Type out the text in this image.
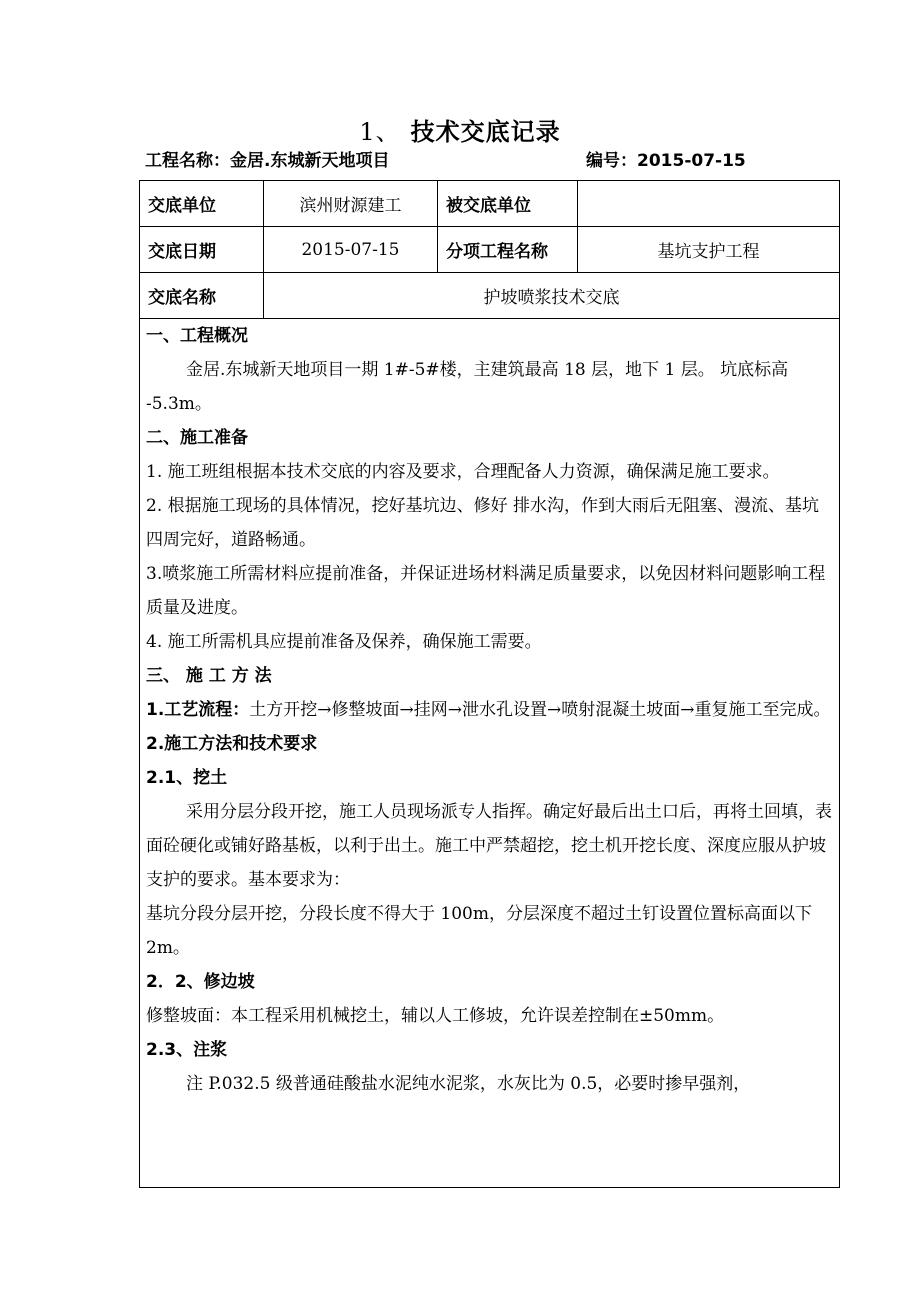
1、 技术交底记录
工程名称：金居.东城新天地项目	编号：2015-07-15
交底单位	滨州财源建工	被交底单位
交底日期	2015-07-15	分项工程名称	基坑支护工程
交底名称	护坡喷浆技术交底

一、工程概况

金居.东城新天地项目一期 1#-5#楼，主建筑最高 18 层，地下 1 层。 坑底标高 -5.3m。

二、施工准备

1. 施工班组根据本技术交底的内容及要求，合理配备人力资源，确保满足施工要求。

2. 根据施工现场的具体情况，挖好基坑边、修好 排水沟，作到大雨后无阻塞、漫流、基坑四周完好，道路畅通。

3.喷浆施工所需材料应提前准备，并保证进场材料满足质量要求，以免因材料问题影响工程质量及进度。

4. 施工所需机具应提前准备及保养，确保施工需要。

三、 施 工 方 法

1.工艺流程：土方开挖→修整坡面→挂网→泄水孔设置→喷射混凝土坡面→重复施工至完成。

2.施工方法和技术要求

2.1、挖土

采用分层分段开挖，施工人员现场派专人指挥。确定好最后出土口后，再将土回填，表面砼硬化或铺好路基板，以利于出土。施工中严禁超挖，挖土机开挖长度、深度应服从护坡支护的要求。基本要求为：

基坑分段分层开挖，分段长度不得大于 100m，分层深度不超过土钉设置位置标高面以下 2m。

2．2、修边坡

修整坡面：本工程采用机械挖土，辅以人工修坡，允许误差控制在±50mm。

2.3、注浆

注 P.032.5 级普通硅酸盐水泥纯水泥浆，水灰比为 0.5，必要时掺早强剂，
